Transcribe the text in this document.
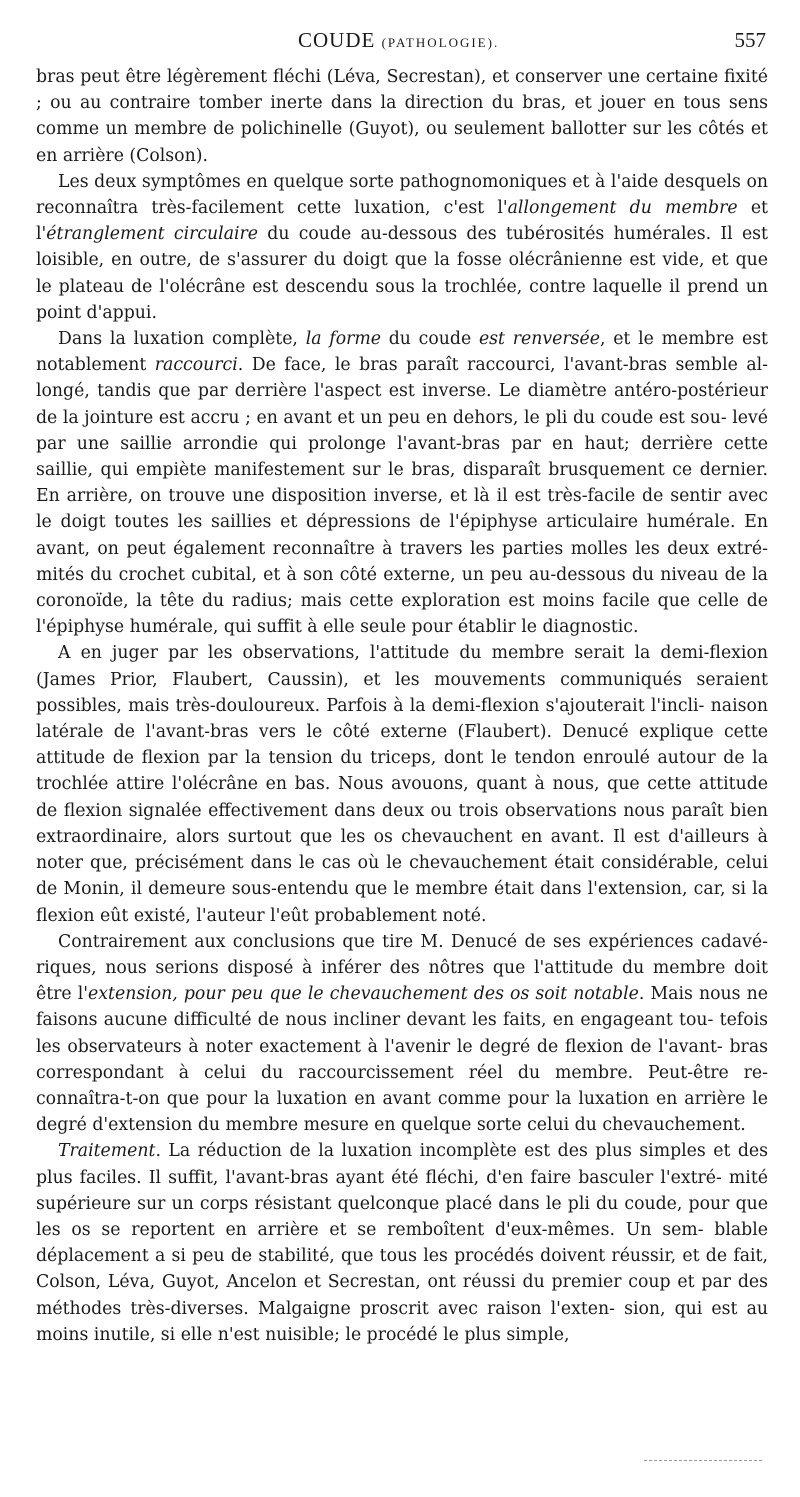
COUDE (PATHOLOGIE).	557

bras peut être légèrement fléchi (Léva, Secrestan), et conserver une certaine fixité ; ou au contraire tomber inerte dans la direction du bras, et jouer en tous sens comme un membre de polichinelle (Guyot), ou seulement ballotter sur les côtés et en arrière (Colson).

Les deux symptômes en quelque sorte pathognomoniques et à l'aide desquels on reconnaîtra très-facilement cette luxation, c'est l'allongement du membre et l'étranglement circulaire du coude au-dessous des tubérosités humérales. Il est loisible, en outre, de s'assurer du doigt que la fosse olécrânienne est vide, et que le plateau de l'olécrâne est descendu sous la trochlée, contre laquelle il prend un point d'appui.

Dans la luxation complète, la forme du coude est renversée, et le membre est notablement raccourci. De face, le bras paraît raccourci, l'avant-bras semble al- longé, tandis que par derrière l'aspect est inverse. Le diamètre antéro-postérieur de la jointure est accru ; en avant et un peu en dehors, le pli du coude est sou- levé par une saillie arrondie qui prolonge l'avant-bras par en haut; derrière cette saillie, qui empiète manifestement sur le bras, disparaît brusquement ce dernier. En arrière, on trouve une disposition inverse, et là il est très-facile de sentir avec le doigt toutes les saillies et dépressions de l'épiphyse articulaire humérale. En avant, on peut également reconnaître à travers les parties molles les deux extré- mités du crochet cubital, et à son côté externe, un peu au-dessous du niveau de la coronoïde, la tête du radius; mais cette exploration est moins facile que celle de l'épiphyse humérale, qui suffit à elle seule pour établir le diagnostic.

A en juger par les observations, l'attitude du membre serait la demi-flexion (James Prior, Flaubert, Caussin), et les mouvements communiqués seraient possibles, mais très-douloureux. Parfois à la demi-flexion s'ajouterait l'incli- naison latérale de l'avant-bras vers le côté externe (Flaubert). Denucé explique cette attitude de flexion par la tension du triceps, dont le tendon enroulé autour de la trochlée attire l'olécrâne en bas. Nous avouons, quant à nous, que cette attitude de flexion signalée effectivement dans deux ou trois observations nous paraît bien extraordinaire, alors surtout que les os chevauchent en avant. Il est d'ailleurs à noter que, précisément dans le cas où le chevauchement était considérable, celui de Monin, il demeure sous-entendu que le membre était dans l'extension, car, si la flexion eût existé, l'auteur l'eût probablement noté.

Contrairement aux conclusions que tire M. Denucé de ses expériences cadavé- riques, nous serions disposé à inférer des nôtres que l'attitude du membre doit être l'extension, pour peu que le chevauchement des os soit notable. Mais nous ne faisons aucune difficulté de nous incliner devant les faits, en engageant tou- tefois les observateurs à noter exactement à l'avenir le degré de flexion de l'avant- bras correspondant à celui du raccourcissement réel du membre. Peut-être re- connaîtra-t-on que pour la luxation en avant comme pour la luxation en arrière le degré d'extension du membre mesure en quelque sorte celui du chevauchement.

Traitement. La réduction de la luxation incomplète est des plus simples et des plus faciles. Il suffit, l'avant-bras ayant été fléchi, d'en faire basculer l'extré- mité supérieure sur un corps résistant quelconque placé dans le pli du coude, pour que les os se reportent en arrière et se remboîtent d'eux-mêmes. Un sem- blable déplacement a si peu de stabilité, que tous les procédés doivent réussir, et de fait, Colson, Léva, Guyot, Ancelon et Secrestan, ont réussi du premier coup et par des méthodes très-diverses. Malgaigne proscrit avec raison l'exten- sion, qui est au moins inutile, si elle n'est nuisible; le procédé le plus simple,
